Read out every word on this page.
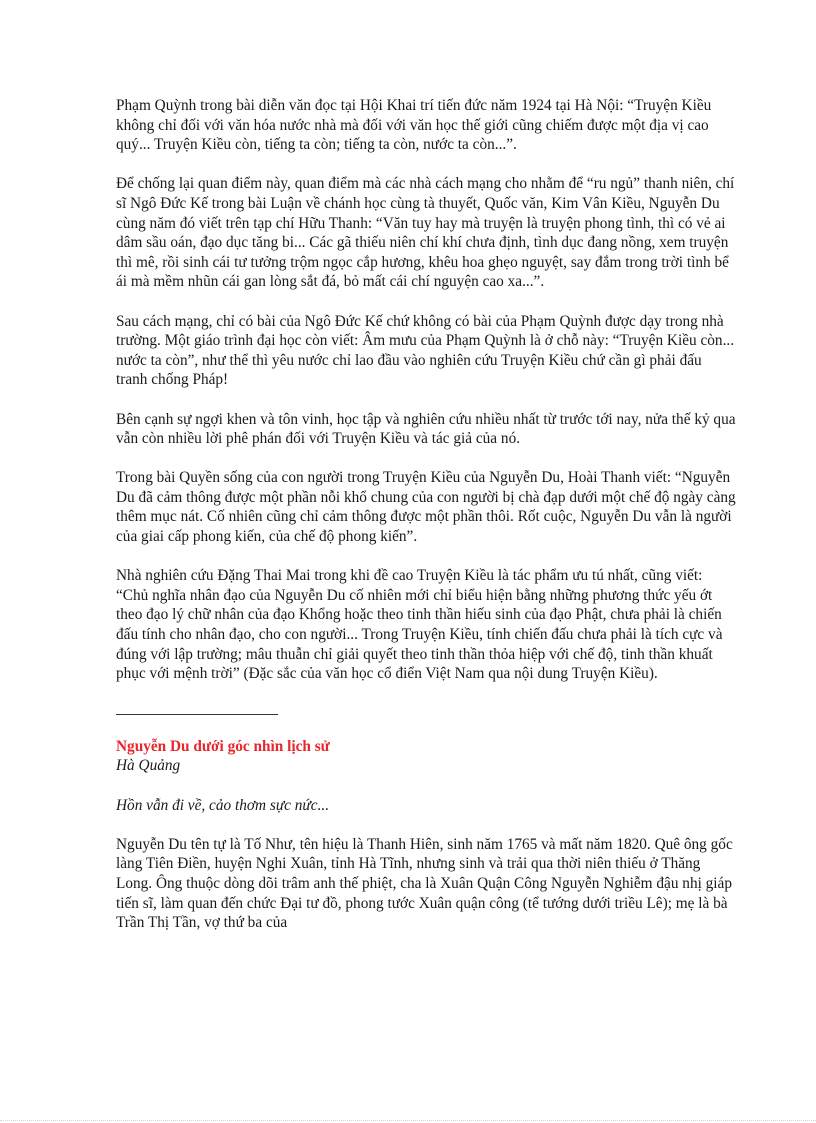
Phạm Quỳnh trong bài diễn văn đọc tại Hội Khai trí tiến đức năm 1924 tại Hà Nội: “Truyện Kiều không chỉ đối với văn hóa nước nhà mà đối với văn học thế giới cũng chiếm được một địa vị cao quý... Truyện Kiều còn, tiếng ta còn; tiếng ta còn, nước ta còn...”.

Để chống lại quan điểm này, quan điểm mà các nhà cách mạng cho nhằm để “ru ngủ” thanh niên, chí sĩ Ngô Đức Kế trong bài Luận về chánh học cùng tà thuyết, Quốc văn, Kim Vân Kiều, Nguyễn Du cùng năm đó viết trên tạp chí Hữu Thanh: “Văn tuy hay mà truyện là truyện phong tình, thì có vẻ ai dâm sầu oán, đạo dục tăng bi... Các gã thiếu niên chí khí chưa định, tình dục đang nồng, xem truyện thì mê, rồi sinh cái tư tưởng trộm ngọc cắp hương, khêu hoa ghẹo nguyệt, say đắm trong trời tình bể ái mà mềm nhũn cái gan lòng sắt đá, bỏ mất cái chí nguyện cao xa...”.

Sau cách mạng, chỉ có bài của Ngô Đức Kế chứ không có bài của Phạm Quỳnh được dạy trong nhà trường. Một giáo trình đại học còn viết: Âm mưu của Phạm Quỳnh là ở chỗ này: “Truyện Kiều còn... nước ta còn”, như thể thì yêu nước chỉ lao đầu vào nghiên cứu Truyện Kiều chứ cần gì phải đấu tranh chống Pháp!

Bên cạnh sự ngợi khen và tôn vinh, học tập và nghiên cứu nhiều nhất từ trước tới nay, nửa thế kỷ qua vẫn còn nhiều lời phê phán đối với Truyện Kiều và tác giả của nó.

Trong bài Quyền sống của con người trong Truyện Kiều của Nguyễn Du, Hoài Thanh viết: “Nguyễn Du đã cảm thông được một phần nỗi khổ chung của con người bị chà đạp dưới một chế độ ngày càng thêm mục nát. Cố nhiên cũng chỉ cảm thông được một phần thôi. Rốt cuộc, Nguyễn Du vẫn là người của giai cấp phong kiến, của chế độ phong kiến”.

Nhà nghiên cứu Đặng Thai Mai trong khi đề cao Truyện Kiều là tác phẩm ưu tú nhất, cũng viết: “Chủ nghĩa nhân đạo của Nguyễn Du cố nhiên mới chỉ biểu hiện bằng những phương thức yếu ớt theo đạo lý chữ nhân của đạo Khổng hoặc theo tinh thần hiếu sinh của đạo Phật, chưa phải là chiến đấu tính cho nhân đạo, cho con người... Trong Truyện Kiều, tính chiến đấu chưa phải là tích cực và đúng với lập trường; mâu thuẫn chỉ giải quyết theo tinh thần thỏa hiệp với chế độ, tinh thần khuất phục với mệnh trời” (Đặc sắc của văn học cổ điển Việt Nam qua nội dung Truyện Kiều).

Nguyễn Du dưới góc nhìn lịch sử

Hà Quảng

Hồn vẫn đi về, cảo thơm sực nức...

Nguyễn Du tên tự là Tố Như, tên hiệu là Thanh Hiên, sinh năm 1765 và mất năm 1820. Quê ông gốc làng Tiên Điền, huyện Nghi Xuân, tỉnh Hà Tĩnh, nhưng sinh và trải qua thời niên thiếu ở Thăng Long. Ông thuộc dòng dõi trâm anh thế phiệt, cha là Xuân Quận Công Nguyễn Nghiễm đậu nhị giáp tiến sĩ, làm quan đến chức Đại tư đồ, phong tước Xuân quận công (tể tướng dưới triều Lê); mẹ là bà Trần Thị Tần, vợ thứ ba của
